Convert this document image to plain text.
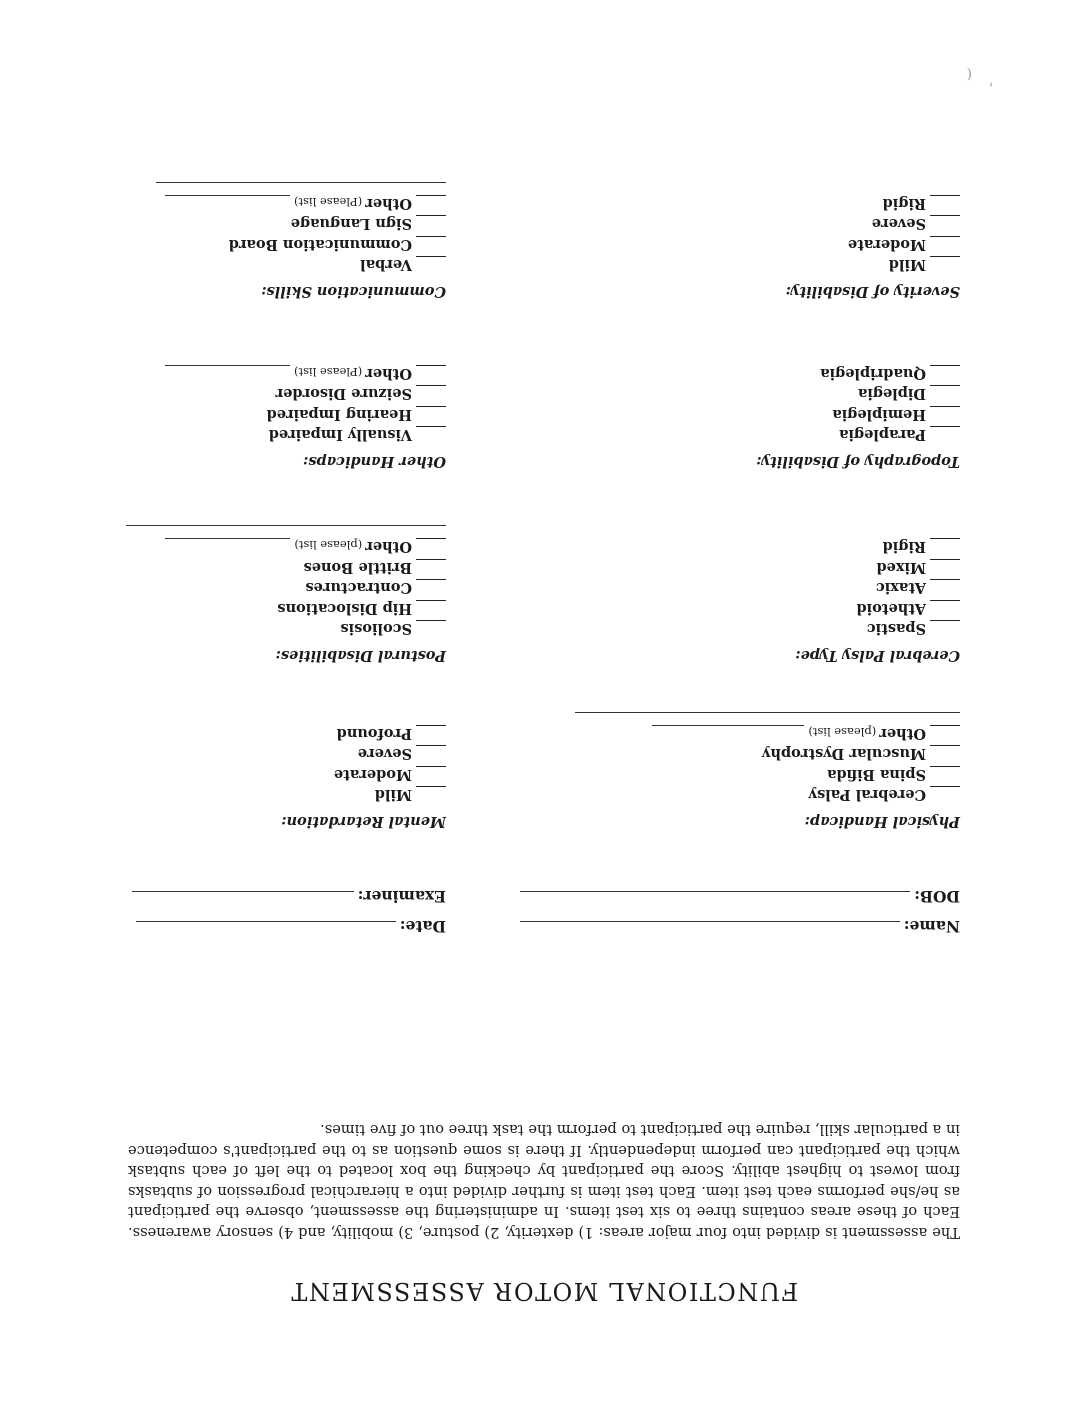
'
(
FUNCTIONAL MOTOR ASSESSMENT

The assessment is divided into four major areas: 1) dexterity, 2) posture, 3) mobility, and 4) sensory awareness. Each of these areas contains three to six test items. In administering the assessment, observe the participant as he/she performs each test item. Each test item is further divided into a hierarchical progression of subtasks from lowest to highest ability. Score the participant by checking the box located to the left of each subtask which the participant can perform independently. If there is some question as to the participant's competence in a particular skill, require the participant to perform the task three out of five times.

Name:
DOB:
Date:
Examiner:
Physical Handicap:
Cerebral Palsy
Spina Bifida
Muscular Dystrophy
Other
(please list)
Mental Retardation:
Mild
Moderate
Severe
Profound
Cerebral Palsy Type:
Spastic
Athetoid
Ataxic
Mixed
Rigid
Postural Disabilities:
Scoliosis
Hip Dislocations
Contractures
Brittle Bones
Other
(please list)
Topography of Disability:
Paraplegia
Hemiplegia
Diplegia
Quadriplegia
Other Handicaps:
Visually Impaired
Hearing Impaired
Seizure Disorder
Other
(Please list)
Severity of Disability:
Mild
Moderate
Severe
Rigid
Communication Skills:
Verbal
Communication Board
Sign Language
Other
(Please list)
